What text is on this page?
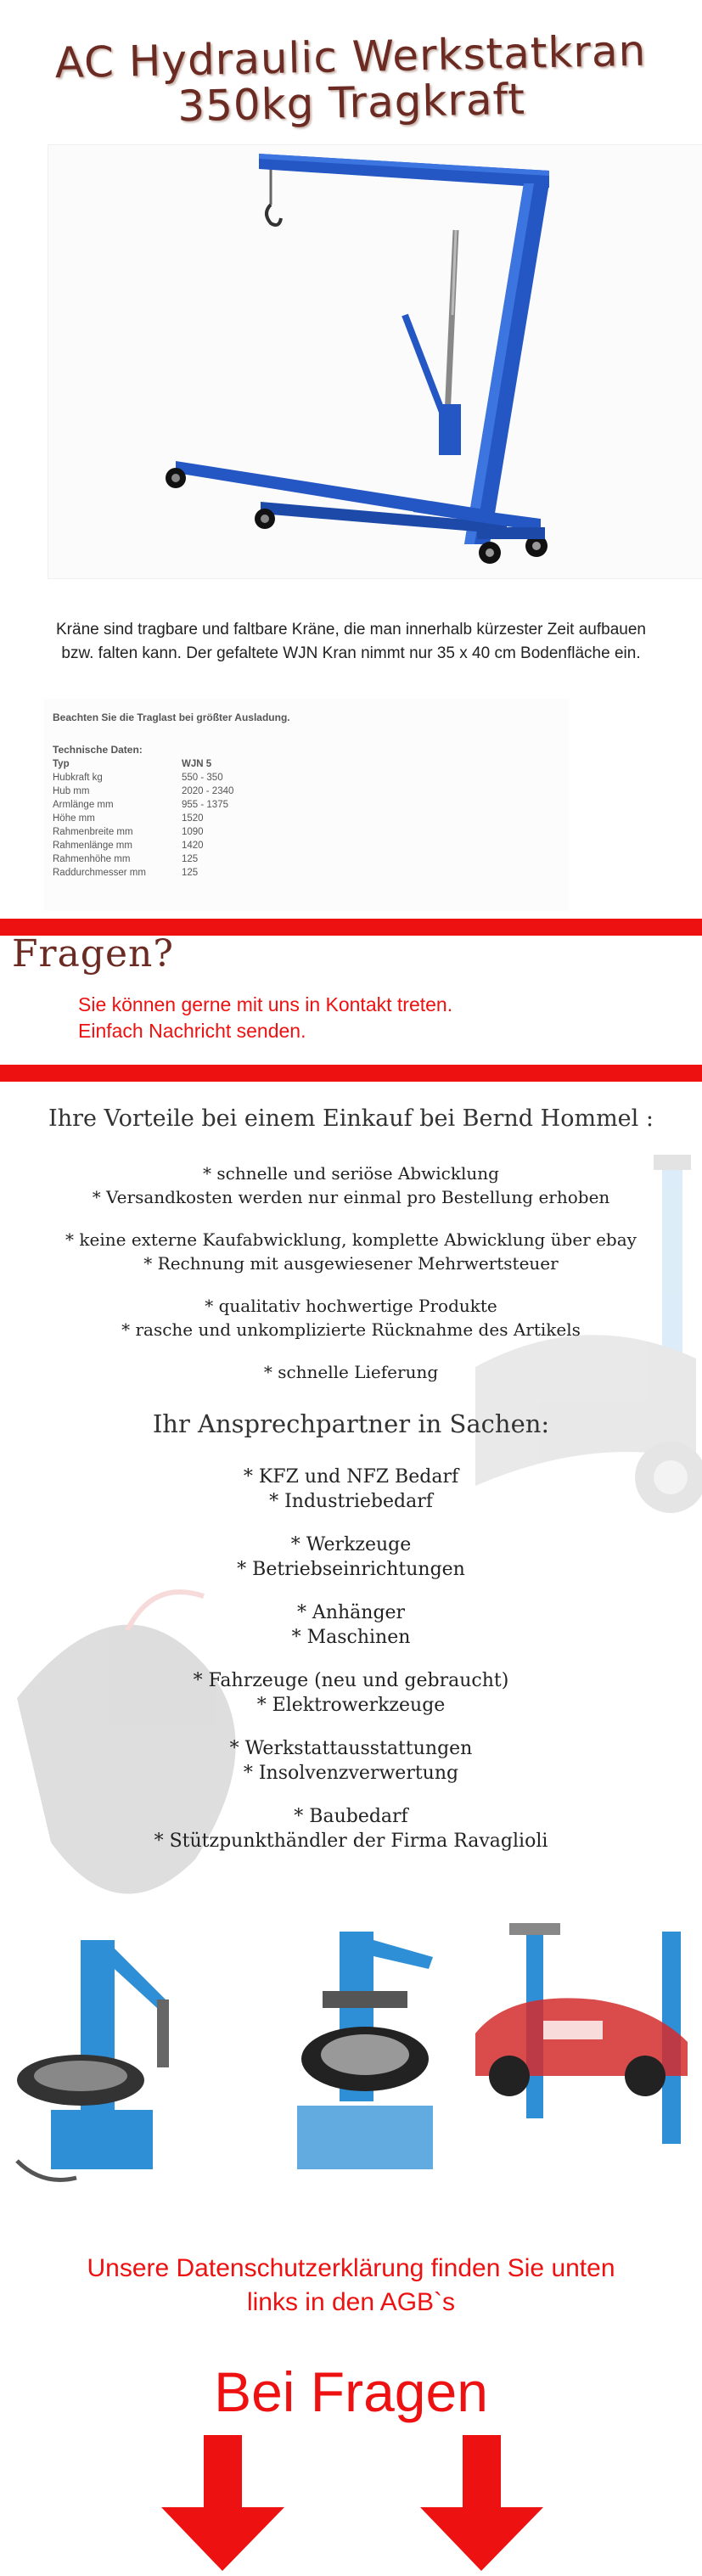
AC Hydraulic Werkstatkran
350kg Tragkraft
Kräne sind tragbare und faltbare Kräne, die man innerhalb kürzester Zeit aufbauen
bzw. falten kann. Der gefaltete WJN Kran nimmt nur 35 x 40 cm Bodenfläche ein.
Beachten Sie die Traglast bei größter Ausladung.
Technische Daten:
Typ	WJN 5
Hubkraft kg	550 - 350
Hub mm	2020 - 2340
Armlänge mm	955 - 1375
Höhe mm	1520
Rahmenbreite mm	1090
Rahmenlänge mm	1420
Rahmenhöhe mm	125
Raddurchmesser mm	125
Fragen?
Sie können gerne mit uns in Kontakt treten.
Einfach Nachricht senden.
Ihre Vorteile bei einem Einkauf bei Bernd Hommel :
* schnelle und seriöse Abwicklung
* Versandkosten werden nur einmal pro Bestellung erhoben
* keine externe Kaufabwicklung, komplette Abwicklung über ebay
* Rechnung mit ausgewiesener Mehrwertsteuer
* qualitativ hochwertige Produkte
* rasche und unkomplizierte Rücknahme des Artikels
* schnelle Lieferung
Ihr Ansprechpartner in Sachen:
* KFZ und NFZ Bedarf
* Industriebedarf
* Werkzeuge
* Betriebseinrichtungen
* Anhänger
* Maschinen
* Fahrzeuge (neu und gebraucht)
* Elektrowerkzeuge
* Werkstattausstattungen
* Insolvenzverwertung
* Baubedarf
* Stützpunkthändler der Firma Ravaglioli
Unsere Datenschutzerklärung finden Sie unten
links in den AGB`s
Bei Fragen
